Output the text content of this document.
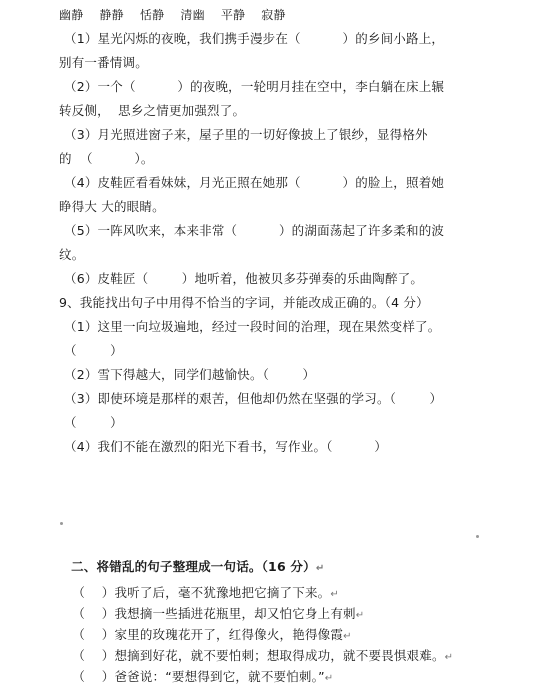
幽静    静静    恬静    清幽    平静    寂静
（1）星光闪烁的夜晚，我们携手漫步在（          ）的乡间小路上，
别有一番情调。
（2）一个（          ）的夜晚，一轮明月挂在空中，李白躺在床上辗
转反侧，  思乡之情更加强烈了。
（3）月光照进窗子来，屋子里的一切好像披上了银纱，显得格外
的  （          ）。
（4）皮鞋匠看看妹妹，月光正照在她那（          ）的脸上，照着她
睁得大 大的眼睛。
（5）一阵风吹来，本来非常（          ）的湖面荡起了许多柔和的波
纹。
（6）皮鞋匠（        ）地听着，他被贝多芬弹奏的乐曲陶醉了。
9、我能找出句子中用得不恰当的字词，并能改成正确的。（4 分）
（1）这里一向垃圾遍地，经过一段时间的治理，现在果然变样了。
（        ）
（2）雪下得越大，同学们越愉快。（        ）
（3）即使环境是那样的艰苦，但他却仍然在坚强的学习。（        ）
（        ）
（4）我们不能在激烈的阳光下看书，写作业。（          ）

二、将错乱的句子整理成一句话。（16 分）↵

（    ）我听了后，毫不犹豫地把它摘了下来。↵

（    ）我想摘一些插进花瓶里，却又怕它身上有刺↵

（    ）家里的玫瑰花开了，红得像火，艳得像霞↵

（    ）想摘到好花，就不要怕刺；想取得成功，就不要畏惧艰难。↵

（    ）爸爸说：“要想得到它，就不要怕刺。”↵
